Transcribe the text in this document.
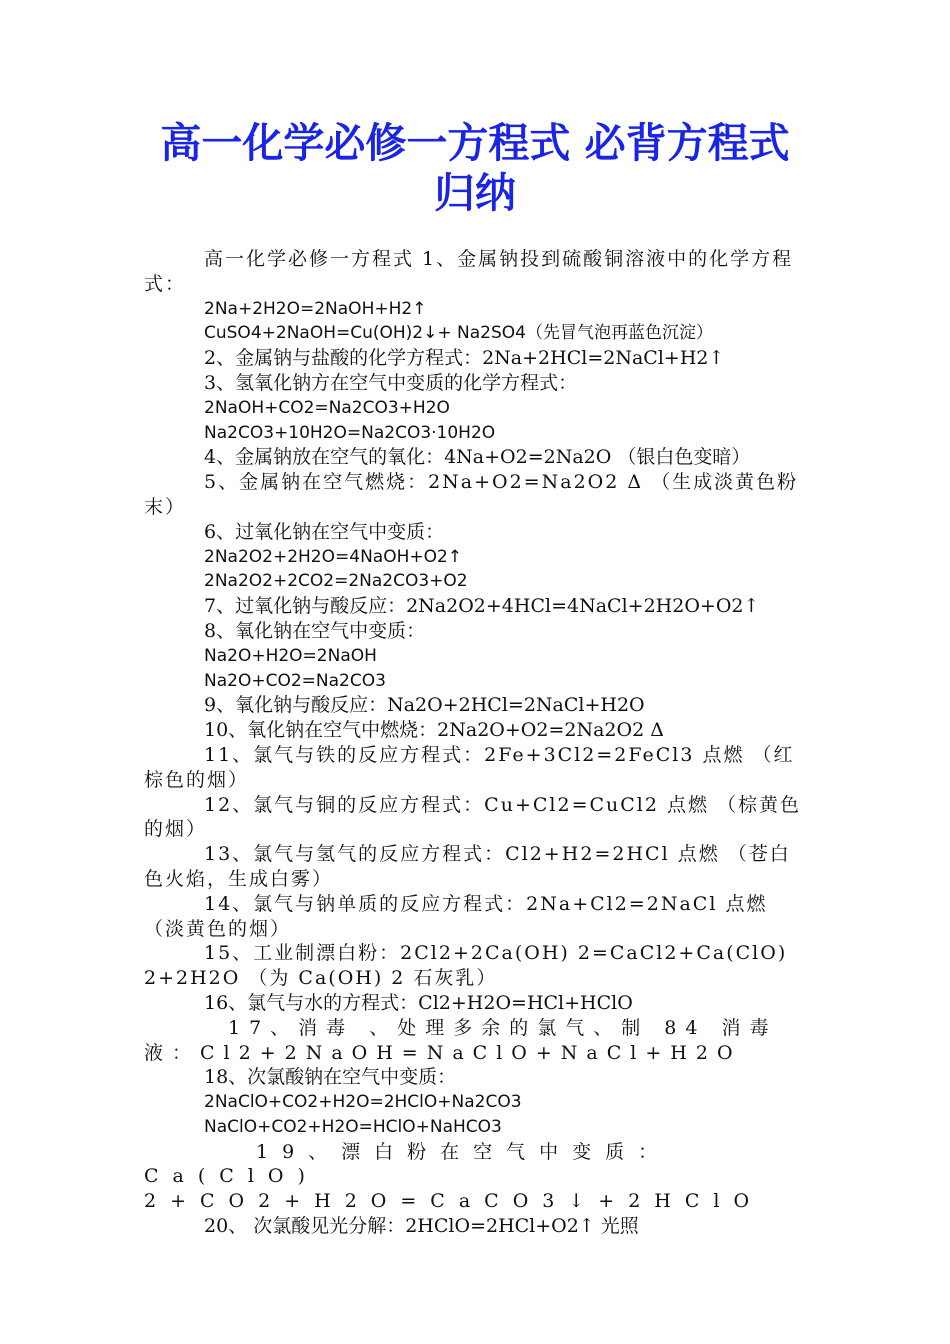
高一化学必修一方程式 必背方程式
归纳

高一化学必修一方程式 1、金属钠投到硫酸铜溶液中的化学方程式：

2Na+2H2O=2NaOH+H2↑
CuSO4+2NaOH=Cu(OH)2↓+ Na2SO4（先冒气泡再蓝色沉淀）

2、金属钠与盐酸的化学方程式：2Na+2HCl=2NaCl+H2↑

3、氢氧化钠方在空气中变质的化学方程式：

2NaOH+CO2=Na2CO3+H2O
Na2CO3+10H2O=Na2CO3·10H2O

4、金属钠放在空气的氧化：4Na+O2=2Na2O （银白色变暗）

5、金属钠在空气燃烧：2Na+O2=Na2O2 Δ （生成淡黄色粉末）

6、过氧化钠在空气中变质：

2Na2O2+2H2O=4NaOH+O2↑
2Na2O2+2CO2=2Na2CO3+O2

7、过氧化钠与酸反应：2Na2O2+4HCl=4NaCl+2H2O+O2↑

8、氧化钠在空气中变质：

Na2O+H2O=2NaOH
Na2O+CO2=Na2CO3

9、氧化钠与酸反应：Na2O+2HCl=2NaCl+H2O

10、氧化钠在空气中燃烧：2Na2O+O2=2Na2O2 Δ

11、氯气与铁的反应方程式：2Fe+3Cl2=2FeCl3 点燃 （红棕色的烟）

12、氯气与铜的反应方程式：Cu+Cl2=CuCl2 点燃 （棕黄色的烟）

13、氯气与氢气的反应方程式：Cl2+H2=2HCl 点燃 （苍白色火焰，生成白雾）

14、氯气与钠单质的反应方程式：2Na+Cl2=2NaCl 点燃 （淡黄色的烟）

15、工业制漂白粉：2Cl2+2Ca(OH) 2=CaCl2+Ca(ClO) 2+2H2O （为 Ca(OH) 2 石灰乳）

16、氯气与水的方程式：Cl2+H2O=HCl+HClO

17、消毒 、处理多余的氯气、制 84 消毒液：Cl2+2NaOH=NaClO+NaCl+H2O

18、次氯酸钠在空气中变质：

2NaClO+CO2+H2O=2HClO+Na2CO3
NaClO+CO2+H2O=HClO+NaHCO3

19、漂白粉在空气中变质：Ca(ClO) 2+CO2+H2O=CaCO3↓+2HClO

20、 次氯酸见光分解：2HClO=2HCl+O2↑ 光照
